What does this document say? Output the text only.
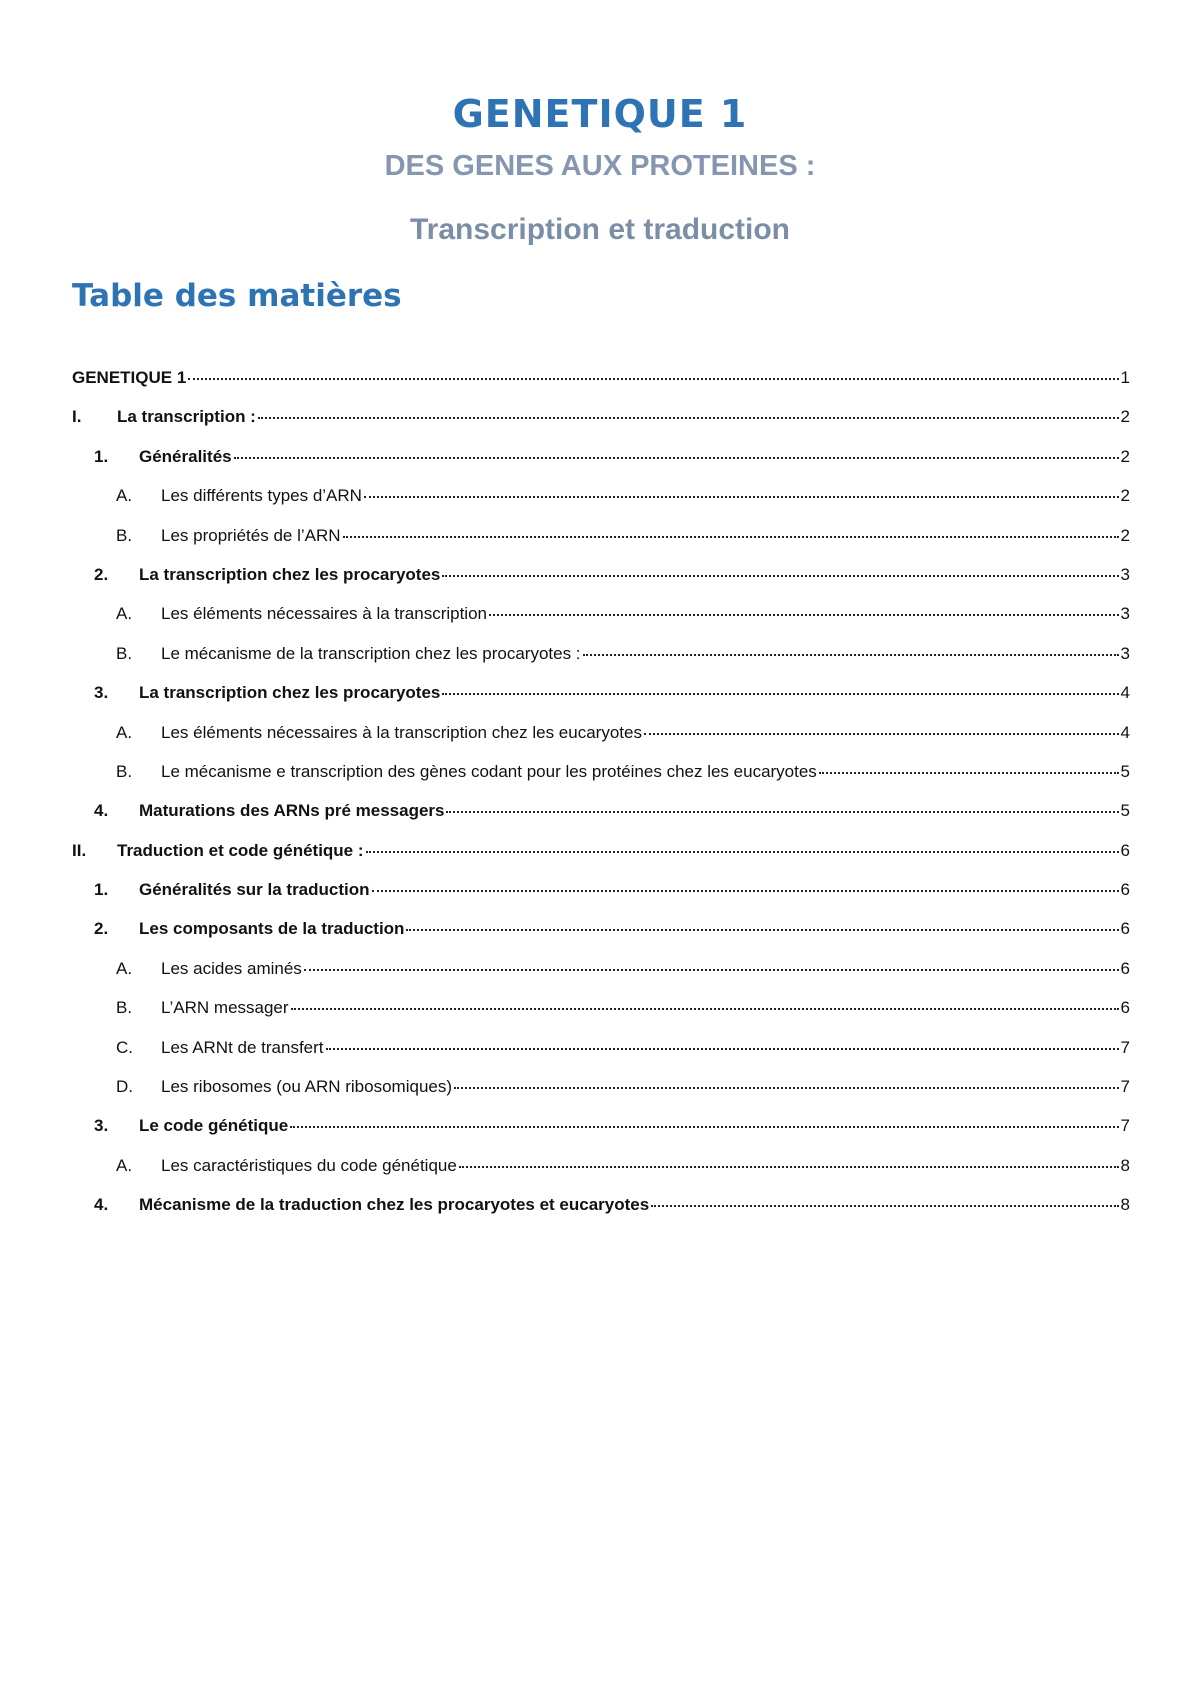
GENETIQUE 1
DES GENES AUX PROTEINES :
Transcription et traduction
Table des matières
GENETIQUE 1	1
I.	La transcription :	2
1.	Généralités	2
A.	Les différents types d’ARN	2
B.	Les propriétés de l’ARN	2
2.	La transcription chez les procaryotes	3
A.	Les éléments nécessaires à la transcription	3
B.	Le mécanisme de la transcription chez les procaryotes :	3
3.	La transcription chez les procaryotes	4
A.	Les éléments nécessaires à la transcription chez les eucaryotes	4
B.	Le mécanisme e transcription des gènes codant pour les protéines chez les eucaryotes	5
4.	Maturations des ARNs pré messagers	5
II.	Traduction et code génétique :	6
1.	Généralités sur la traduction	6
2.	Les composants de la traduction	6
A.	Les acides aminés	6
B.	L’ARN messager	6
C.	Les ARNt de transfert	7
D.	Les ribosomes (ou ARN ribosomiques)	7
3.	Le code génétique	7
A.	Les caractéristiques du code génétique	8
4.	Mécanisme de la traduction chez les procaryotes et eucaryotes	8
